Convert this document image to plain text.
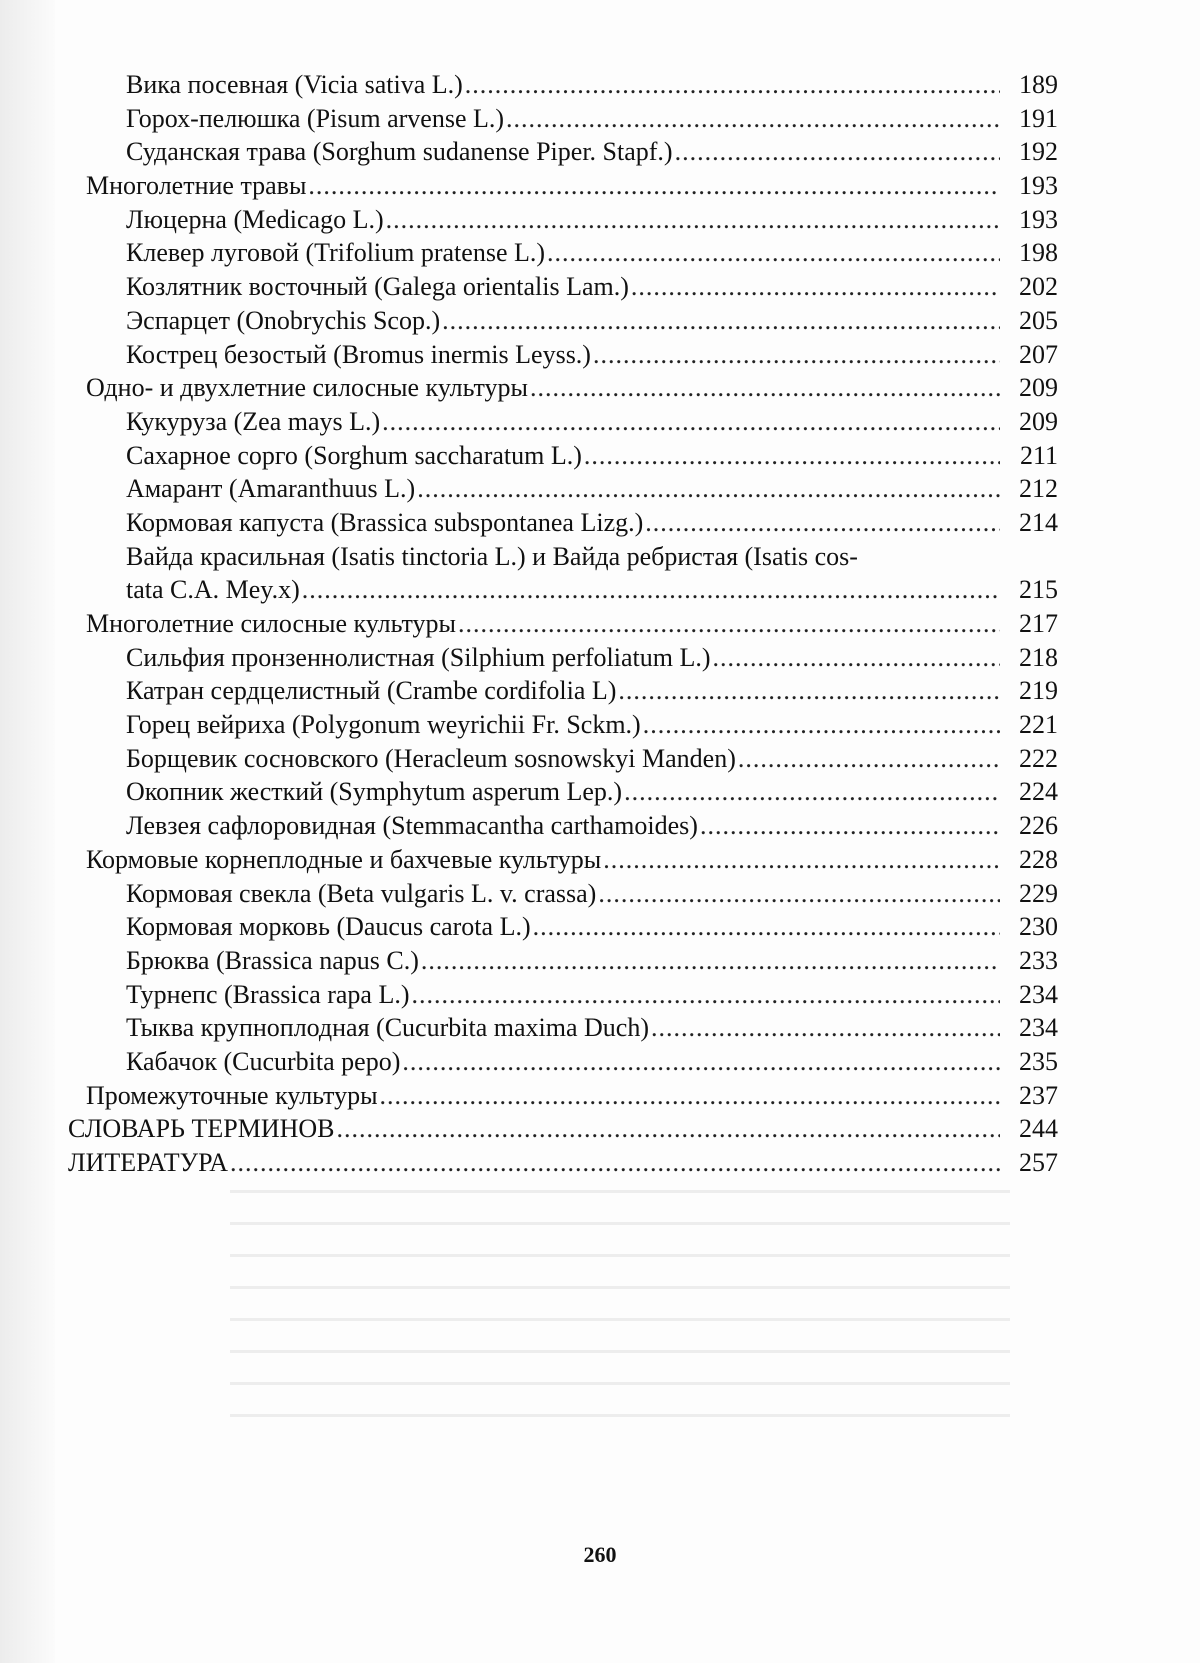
Вика посевная (Vicia sativa L.) .....	189
Горох-пелюшка (Pisum arvense L.) .....	191
Суданская трава (Sorghum sudanense Piper. Stapf.) .....	192
Многолетние травы .....	193
Люцерна (Medicago L.) .....	193
Клевер луговой (Trifolium pratense L.) .....	198
Козлятник восточный (Galega orientalis Lam.) .....	202
Эспарцет (Onobrychis Scop.) .....	205
Кострец безостый (Bromus inermis Leyss.) .....	207
Одно- и двухлетние силосные культуры .....	209
Кукуруза (Zea mays L.) .....	209
Сахарное сорго (Sorghum saccharatum L.) .....	211
Амарант (Amaranthuus L.) .....	212
Кормовая капуста (Brassica subspontanea Lizg.) .....	214
Вайда красильная (Isatis tinctoria L.) и Вайда ребристая (Isatis cos-
tata C.A. Mey.x) .....	215
Многолетние силосные культуры .....	217
Сильфия пронзеннолистная (Silphium perfoliatum L.) .....	218
Катран сердцелистный (Crambe cordifolia L) .....	219
Горец вейриха (Polygonum weyrichii Fr. Sckm.) .....	221
Борщевик сосновского (Heracleum sosnowskyi Manden) .....	222
Окопник жесткий (Symphytum asperum Lep.) .....	224
Левзея сафлоровидная (Stemmacantha carthamoides) .....	226
Кормовые корнеплодные и бахчевые культуры .....	228
Кормовая свекла (Beta vulgaris L. v. crassa) .....	229
Кормовая морковь (Daucus carota L.) .....	230
Брюква (Brassica napus C.) .....	233
Турнепс (Brassica rapa L.) .....	234
Тыква крупноплодная (Cucurbita maxima Duch) .....	234
Кабачок (Cucurbita pepo) .....	235
Промежуточные культуры .....	237
СЛОВАРЬ ТЕРМИНОВ .....	244
ЛИТЕРАТУРА .....	257
260
